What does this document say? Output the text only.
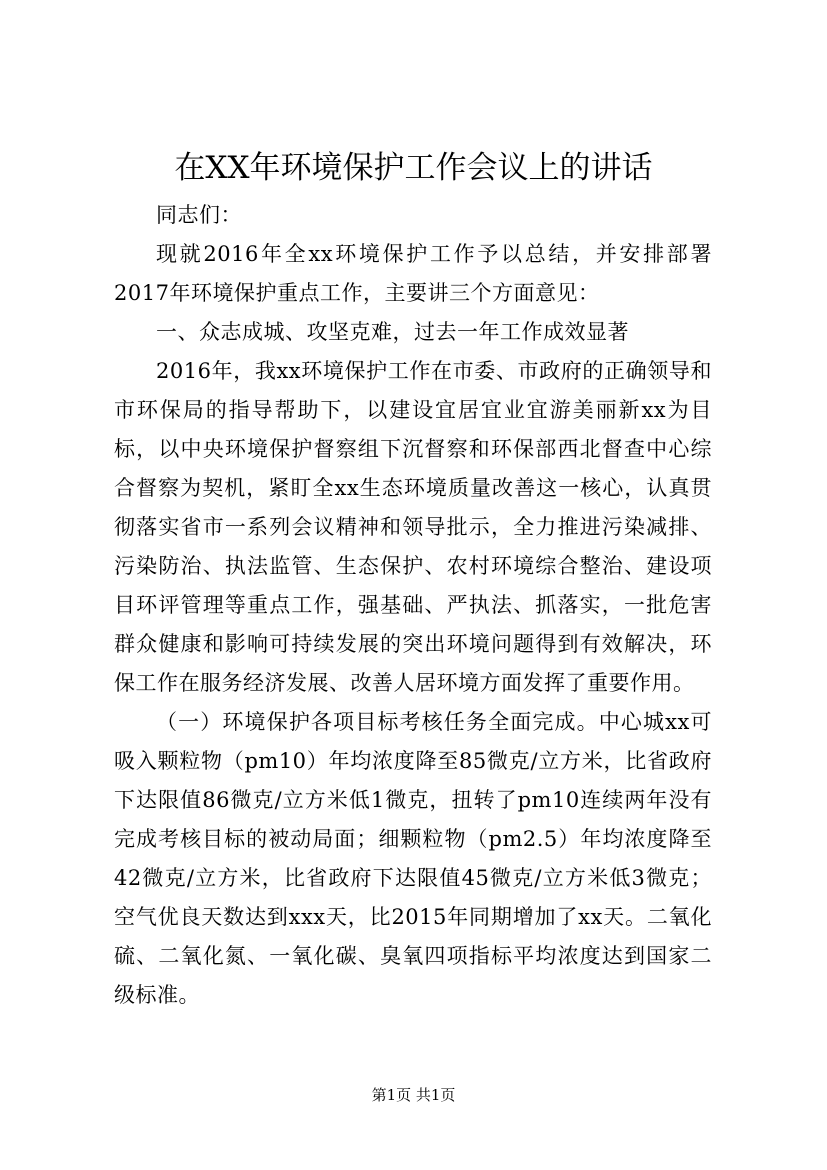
在XX年环境保护工作会议上的讲话

同志们：

现就2016年全xx环境保护工作予以总结，并安排部署2017年环境保护重点工作，主要讲三个方面意见：

一、众志成城、攻坚克难，过去一年工作成效显著

2016年，我xx环境保护工作在市委、市政府的正确领导和市环保局的指导帮助下，以建设宜居宜业宜游美丽新xx为目标，以中央环境保护督察组下沉督察和环保部西北督查中心综合督察为契机，紧盯全xx生态环境质量改善这一核心，认真贯彻落实省市一系列会议精神和领导批示，全力推进污染减排、污染防治、执法监管、生态保护、农村环境综合整治、建设项目环评管理等重点工作，强基础、严执法、抓落实，一批危害群众健康和影响可持续发展的突出环境问题得到有效解决，环保工作在服务经济发展、改善人居环境方面发挥了重要作用。

（一）环境保护各项目标考核任务全面完成。中心城xx可吸入颗粒物（pm10）年均浓度降至85微克/立方米，比省政府下达限值86微克/立方米低1微克，扭转了pm10连续两年没有完成考核目标的被动局面；细颗粒物（pm2.5）年均浓度降至42微克/立方米，比省政府下达限值45微克/立方米低3微克；空气优良天数达到xxx天，比2015年同期增加了xx天。二氧化硫、二氧化氮、一氧化碳、臭氧四项指标平均浓度达到国家二级标准。

第1页 共1页
